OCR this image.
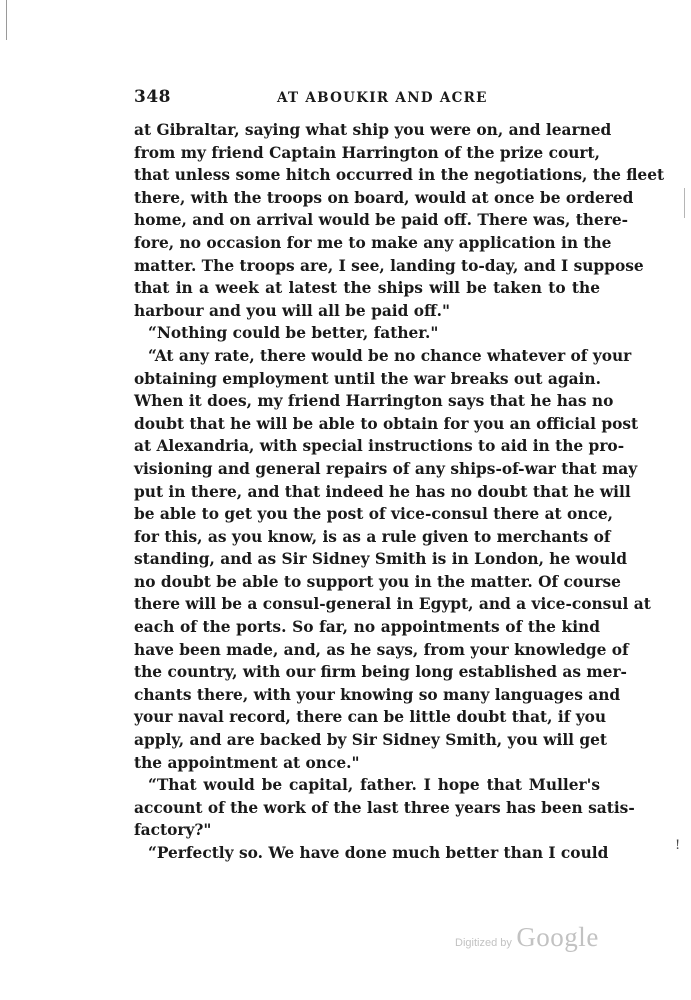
348	AT ABOUKIR AND ACRE
at Gibraltar, saying what ship you were on, and learned
from my friend Captain Harrington of the prize court,
that unless some hitch occurred in the negotiations, the fleet
there, with the troops on board, would at once be ordered
home, and on arrival would be paid off. There was, there-
fore, no occasion for me to make any application in the
matter. The troops are, I see, landing to-day, and I suppose
that in a week at latest the ships will be taken to the
harbour and you will all be paid off."
“Nothing could be better, father."
“At any rate, there would be no chance whatever of your
obtaining employment until the war breaks out again.
When it does, my friend Harrington says that he has no
doubt that he will be able to obtain for you an official post
at Alexandria, with special instructions to aid in the pro-
visioning and general repairs of any ships-of-war that may
put in there, and that indeed he has no doubt that he will
be able to get you the post of vice-consul there at once,
for this, as you know, is as a rule given to merchants of
standing, and as Sir Sidney Smith is in London, he would
no doubt be able to support you in the matter. Of course
there will be a consul-general in Egypt, and a vice-consul at
each of the ports. So far, no appointments of the kind
have been made, and, as he says, from your knowledge of
the country, with our firm being long established as mer-
chants there, with your knowing so many languages and
your naval record, there can be little doubt that, if you
apply, and are backed by Sir Sidney Smith, you will get
the appointment at once."
“That would be capital, father. I hope that Muller's
account of the work of the last three years has been satis-
factory?"
“Perfectly so. We have done much better than I could	!
Digitized by Google
